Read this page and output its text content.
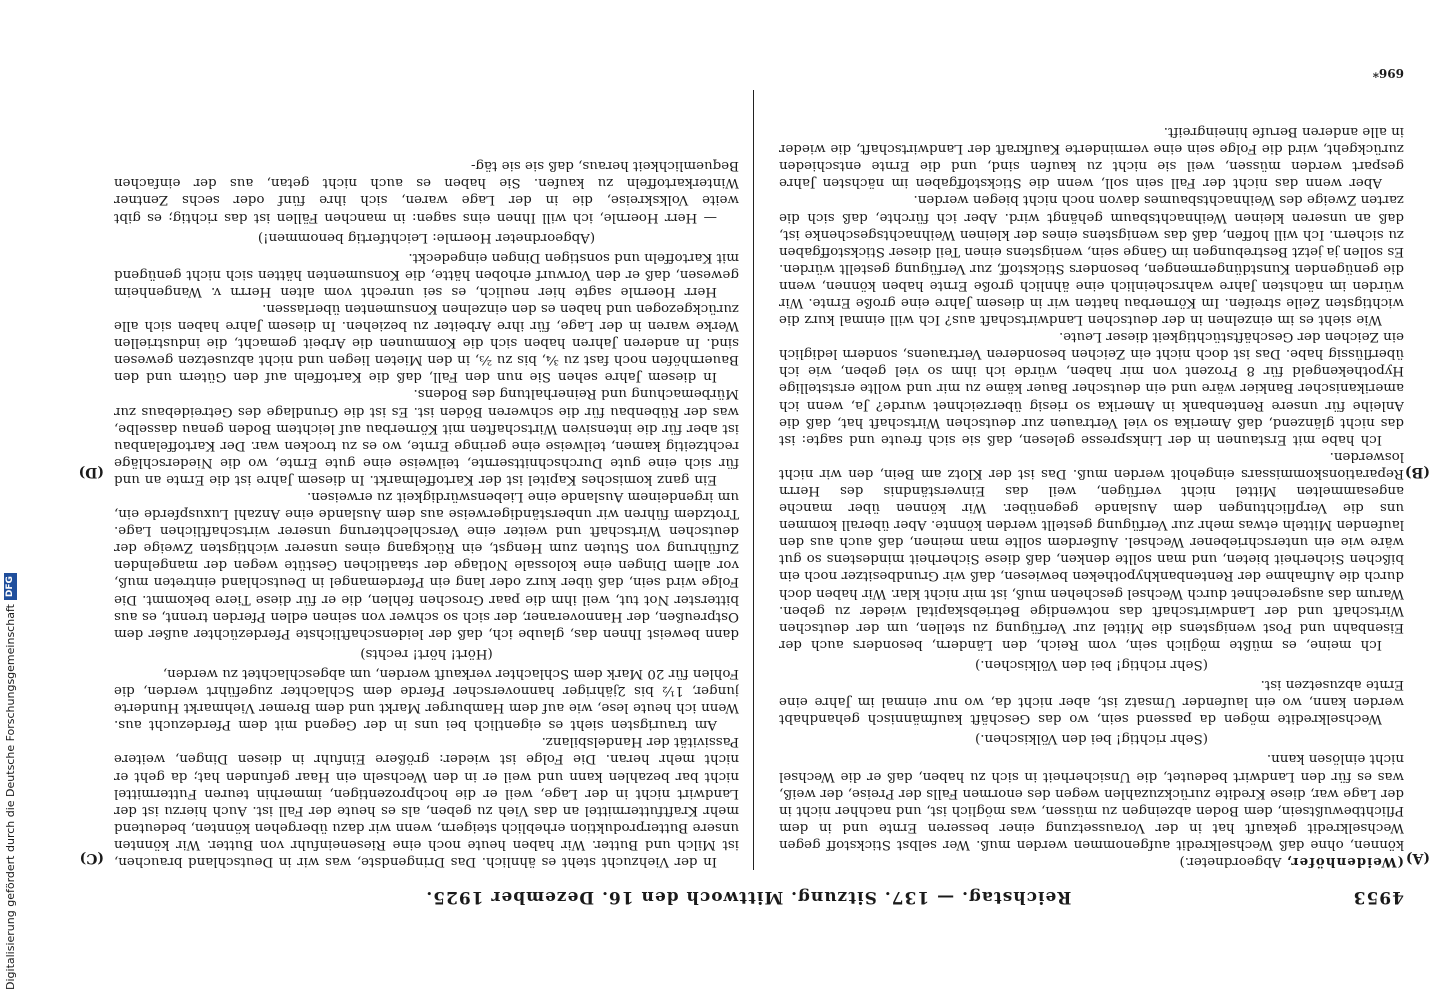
4953
Reichstag. — 137. Sitzung. Mittwoch den 16. Dezember 1925.
(A)
(B)
(C)
(D)

(Weidenhöfer, Abgeordneter.)

können, ohne daß Wechselkredit aufgenommen werden muß. Wer selbst Stickstoff gegen Wechselkredit gekauft hat in der Voraussetzung einer besseren Ernte und in dem Pflichtbewußtsein, dem Boden abzeingen zu müssen, was möglich ist, und nachher nicht in der Lage war, diese Kredite zurückzuzahlen wegen des enormen Falls der Preise, der weiß, was es für den Landwirt bedeutet, die Unsicherheit in sich zu haben, daß er die Wechsel nicht einlösen kann.

(Sehr richtig! bei den Völkischen.)

Wechselkredite mögen da passend sein, wo das Geschäft kaufmännisch gehandhabt werden kann, wo ein laufender Umsatz ist, aber nicht da, wo nur einmal im Jahre eine Ernte abzusetzen ist.

(Sehr richtig! bei den Völkischen.)

Ich meine, es müßte möglich sein, vom Reich, den Ländern, besonders auch der Eisenbahn und Post wenigstens die Mittel zur Verfügung zu stellen, um der deutschen Wirtschaft und der Landwirtschaft das notwendige Betriebskapital wieder zu geben. Warum das ausgerechnet durch Wechsel geschehen muß, ist mir nicht klar. Wir haben doch durch die Aufnahme der Rentenbankhypotheken bewiesen, daß wir Grundbesitzer noch ein bißchen Sicherheit bieten, und man sollte denken, daß diese Sicherheit mindestens so gut wäre wie ein unterschriebener Wechsel. Außerdem sollte man meinen, daß auch aus den laufenden Mitteln etwas mehr zur Verfügung gestellt werden könnte. Aber überall kommen uns die Verpflichtungen dem Auslande gegenüber. Wir können über manche angesammelten Mittel nicht verfügen, weil das Einverständnis des Herrn Reparationskommissars eingeholt werden muß. Das ist der Klotz am Bein, den wir nicht loswerden.

Ich habe mit Erstaunen in der Linkspresse gelesen, daß sie sich freute und sagte: ist das nicht glänzend, daß Amerika so viel Vertrauen zur deutschen Wirtschaft hat, daß die Anleihe für unsere Rentenbank in Amerika so riesig überzeichnet wurde? Ja, wenn ich amerikanischer Bankier wäre und ein deutscher Bauer käme zu mir und wollte erststellige Hypothekengeld für 8 Prozent von mir haben, würde ich ihm so viel geben, wie ich überflüssig habe. Das ist doch nicht ein Zeichen besonderen Vertrauens, sondern lediglich ein Zeichen der Geschäftstüchtigkeit dieser Leute.

Wie sieht es im einzelnen in der deutschen Landwirtschaft aus? Ich will einmal kurz die wichtigsten Zeile streifen. Im Körnerbau hatten wir in diesem Jahre eine große Ernte. Wir würden im nächsten Jahre wahrscheinlich eine ähnlich große Ernte haben können, wenn die genügenden Kunstdüngermengen, besonders Stickstoff, zur Verfügung gestellt würden. Es sollen ja jetzt Bestrebungen im Gange sein, wenigstens einen Teil dieser Stickstoffgaben zu sichern. Ich will hoffen, daß das wenigstens eines der kleinen Weihnachtsgeschenke ist, daß an unseren kleinen Weihnachtsbaum gehängt wird. Aber ich fürchte, daß sich die zarten Zweige des Weihnachtsbaumes davon noch nicht biegen werden.

Aber wenn das nicht der Fall sein soll, wenn die Stickstoffgaben im nächsten Jahre gespart werden müssen, weil sie nicht zu kaufen sind, und die Ernte entschieden zurückgeht, wird die Folge sein eine verminderte Kaufkraft der Landwirtschaft, die wieder in alle anderen Berufe hineingreift.

In der Viehzucht steht es ähnlich. Das Dringendste, was wir in Deutschland brauchen, ist Milch und Butter. Wir haben heute noch eine Rieseneinfuhr von Butter. Wir könnten unsere Butterproduktion erheblich steigern, wenn wir dazu übergehen könnten, bedeutend mehr Kraftfuttermittel an das Vieh zu geben, als es heute der Fall ist. Auch hierzu ist der Landwirt nicht in der Lage, weil er die hochprozentigen, immerhin teuren Futtermittel nicht bar bezahlen kann und weil er in den Wechseln ein Haar gefunden hat; da geht er nicht mehr heran. Die Folge ist wieder: größere Einfuhr in diesen Dingen, weitere Passivität der Handelsbilanz.

Am traurigsten sieht es eigentlich bei uns in der Gegend mit dem Pferdezucht aus. Wenn ich heute lese, wie auf dem Hamburger Markt und dem Bremer Viehmarkt Hunderte junger, 1½ bis 2jähriger hannoverscher Pferde dem Schlachter zugeführt werden, die Fohlen für 20 Mark dem Schlachter verkauft werden, um abgeschlachtet zu werden,

(Hört! hört! rechts)

dann beweist Ihnen das, glaube ich, daß der leidenschaftlichste Pferdezüchter außer dem Ostpreußen, der Hannoveraner, der sich so schwer von seinen edlen Pferden trennt, es aus bitterster Not tut, weil ihm die paar Groschen fehlen, die er für diese Tiere bekommt. Die Folge wird sein, daß über kurz oder lang ein Pferdemangel in Deutschland eintreten muß, vor allem Dingen eine kolossale Notlage der staatlichen Gestüte wegen der mangelnden Zuführung von Stuten zum Hengst, ein Rückgang eines unserer wichtigsten Zweige der deutschen Wirtschaft und weiter eine Verschlechterung unserer wirtschaftlichen Lage. Trotzdem führen wir unberständigerweise aus dem Auslande eine Anzahl Luxuspferde ein, um irgendeinem Auslande eine Liebenswürdigkeit zu erweisen.

Ein ganz komisches Kapitel ist der Kartoffelmarkt. In diesem Jahre ist die Ernte an und für sich eine gute Durchschnittsernte, teilweise eine gute Ernte, wo die Niederschläge rechtzeitig kamen, teilweise eine geringe Ernte, wo es zu trocken war. Der Kartoffelanbau ist aber für die intensiven Wirtschaften mit Körnerbau auf leichtem Boden genau dasselbe, was der Rübenbau für die schweren Böden ist. Es ist die Grundlage des Getreidebaus zur Mürbemachung und Reinerhaltung des Bodens.

In diesem Jahre sehen Sie nun den Fall, daß die Kartoffeln auf den Gütern und den Bauernhöfen noch fast zu ¾, bis zu ⅔, in den Mieten liegen und nicht abzusetzen gewesen sind. In anderen Jahren haben sich die Kommunen die Arbeit gemacht, die industriellen Werke waren in der Lage, für ihre Arbeiter zu beziehen. In diesem Jahre haben sich alle zurückgezogen und haben es den einzelnen Konsumenten überlassen.

Herr Hoernle sagte hier neulich, es sei unrecht vom alten Herrn v. Wangenheim gewesen, daß er den Vorwurf erhoben hätte, die Konsumenten hätten sich nicht genügend mit Kartoffeln und sonstigen Dingen eingedeckt.

(Abgeordneter Hoernle: Leichtfertig benommen!)

— Herr Hoernle, ich will Ihnen eins sagen: in manchen Fällen ist das richtig; es gibt weite Volkskreise, die in der Lage waren, sich ihre fünf oder sechs Zentner Winterkartoffeln zu kaufen. Sie haben es auch nicht getan, aus der einfachen Bequemlichkeit heraus, daß sie sie täg-

696*
Digitalisierung gefördert durch die Deutsche Forschungsgemeinschaft
DFG
